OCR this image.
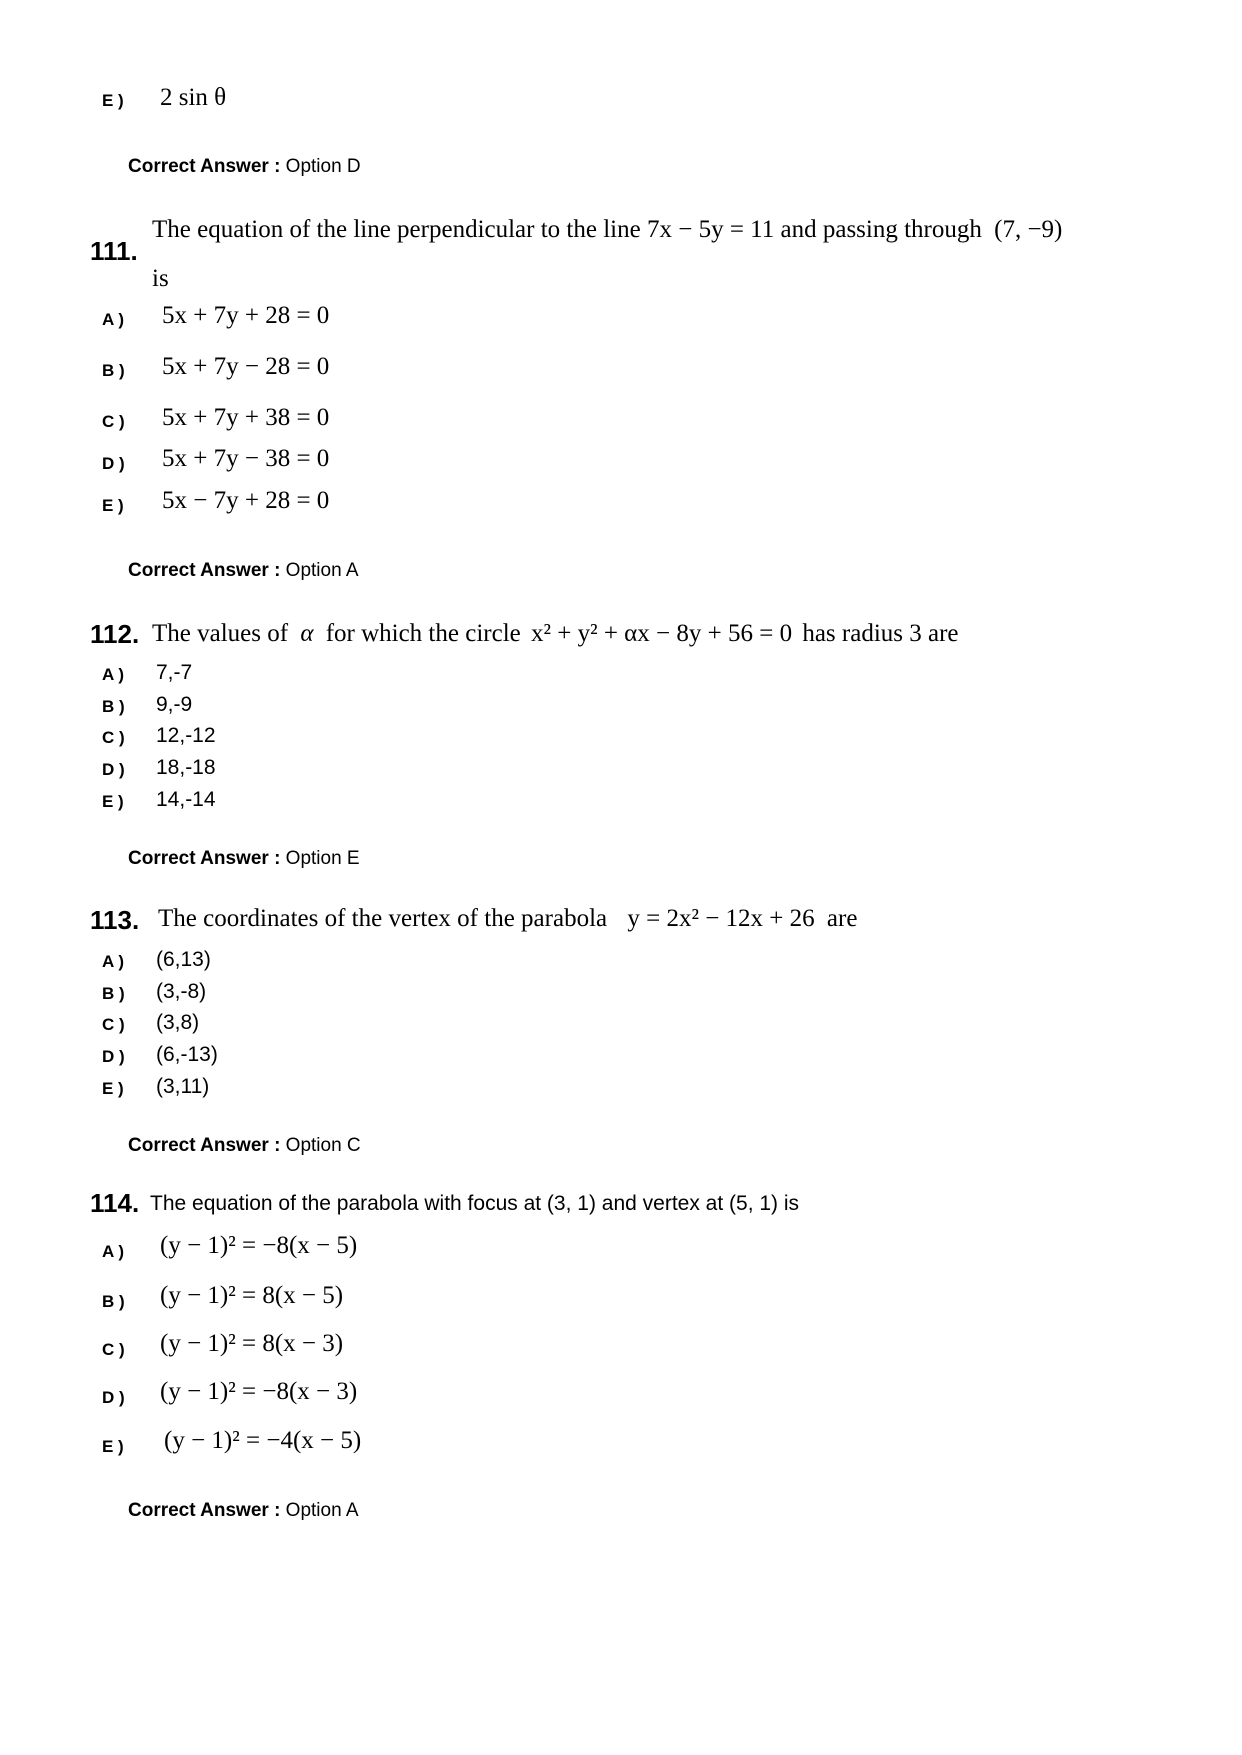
E ) 2 sin θ
Correct Answer : Option D
111.
The equation of the line perpendicular to the line 7x − 5y = 11 and passing through (7, −9)
is
A ) 5x + 7y + 28 = 0
B ) 5x + 7y − 28 = 0
C ) 5x + 7y + 38 = 0
D ) 5x + 7y − 38 = 0
E ) 5x − 7y + 28 = 0
Correct Answer : Option A
112. The values of α for which the circle x² + y² + αx − 8y + 56 = 0 has radius 3 are
A ) 7,-7
B ) 9,-9
C ) 12,-12
D ) 18,-18
E ) 14,-14
Correct Answer : Option E
113. The coordinates of the vertex of the parabola y = 2x² − 12x + 26 are
A ) (6,13)
B ) (3,-8)
C ) (3,8)
D ) (6,-13)
E ) (3,11)
Correct Answer : Option C
114. The equation of the parabola with focus at (3, 1) and vertex at (5, 1) is
A ) (y − 1)² = −8(x − 5)
B ) (y − 1)² = 8(x − 5)
C ) (y − 1)² = 8(x − 3)
D ) (y − 1)² = −8(x − 3)
E ) (y − 1)² = −4(x − 5)
Correct Answer : Option A
